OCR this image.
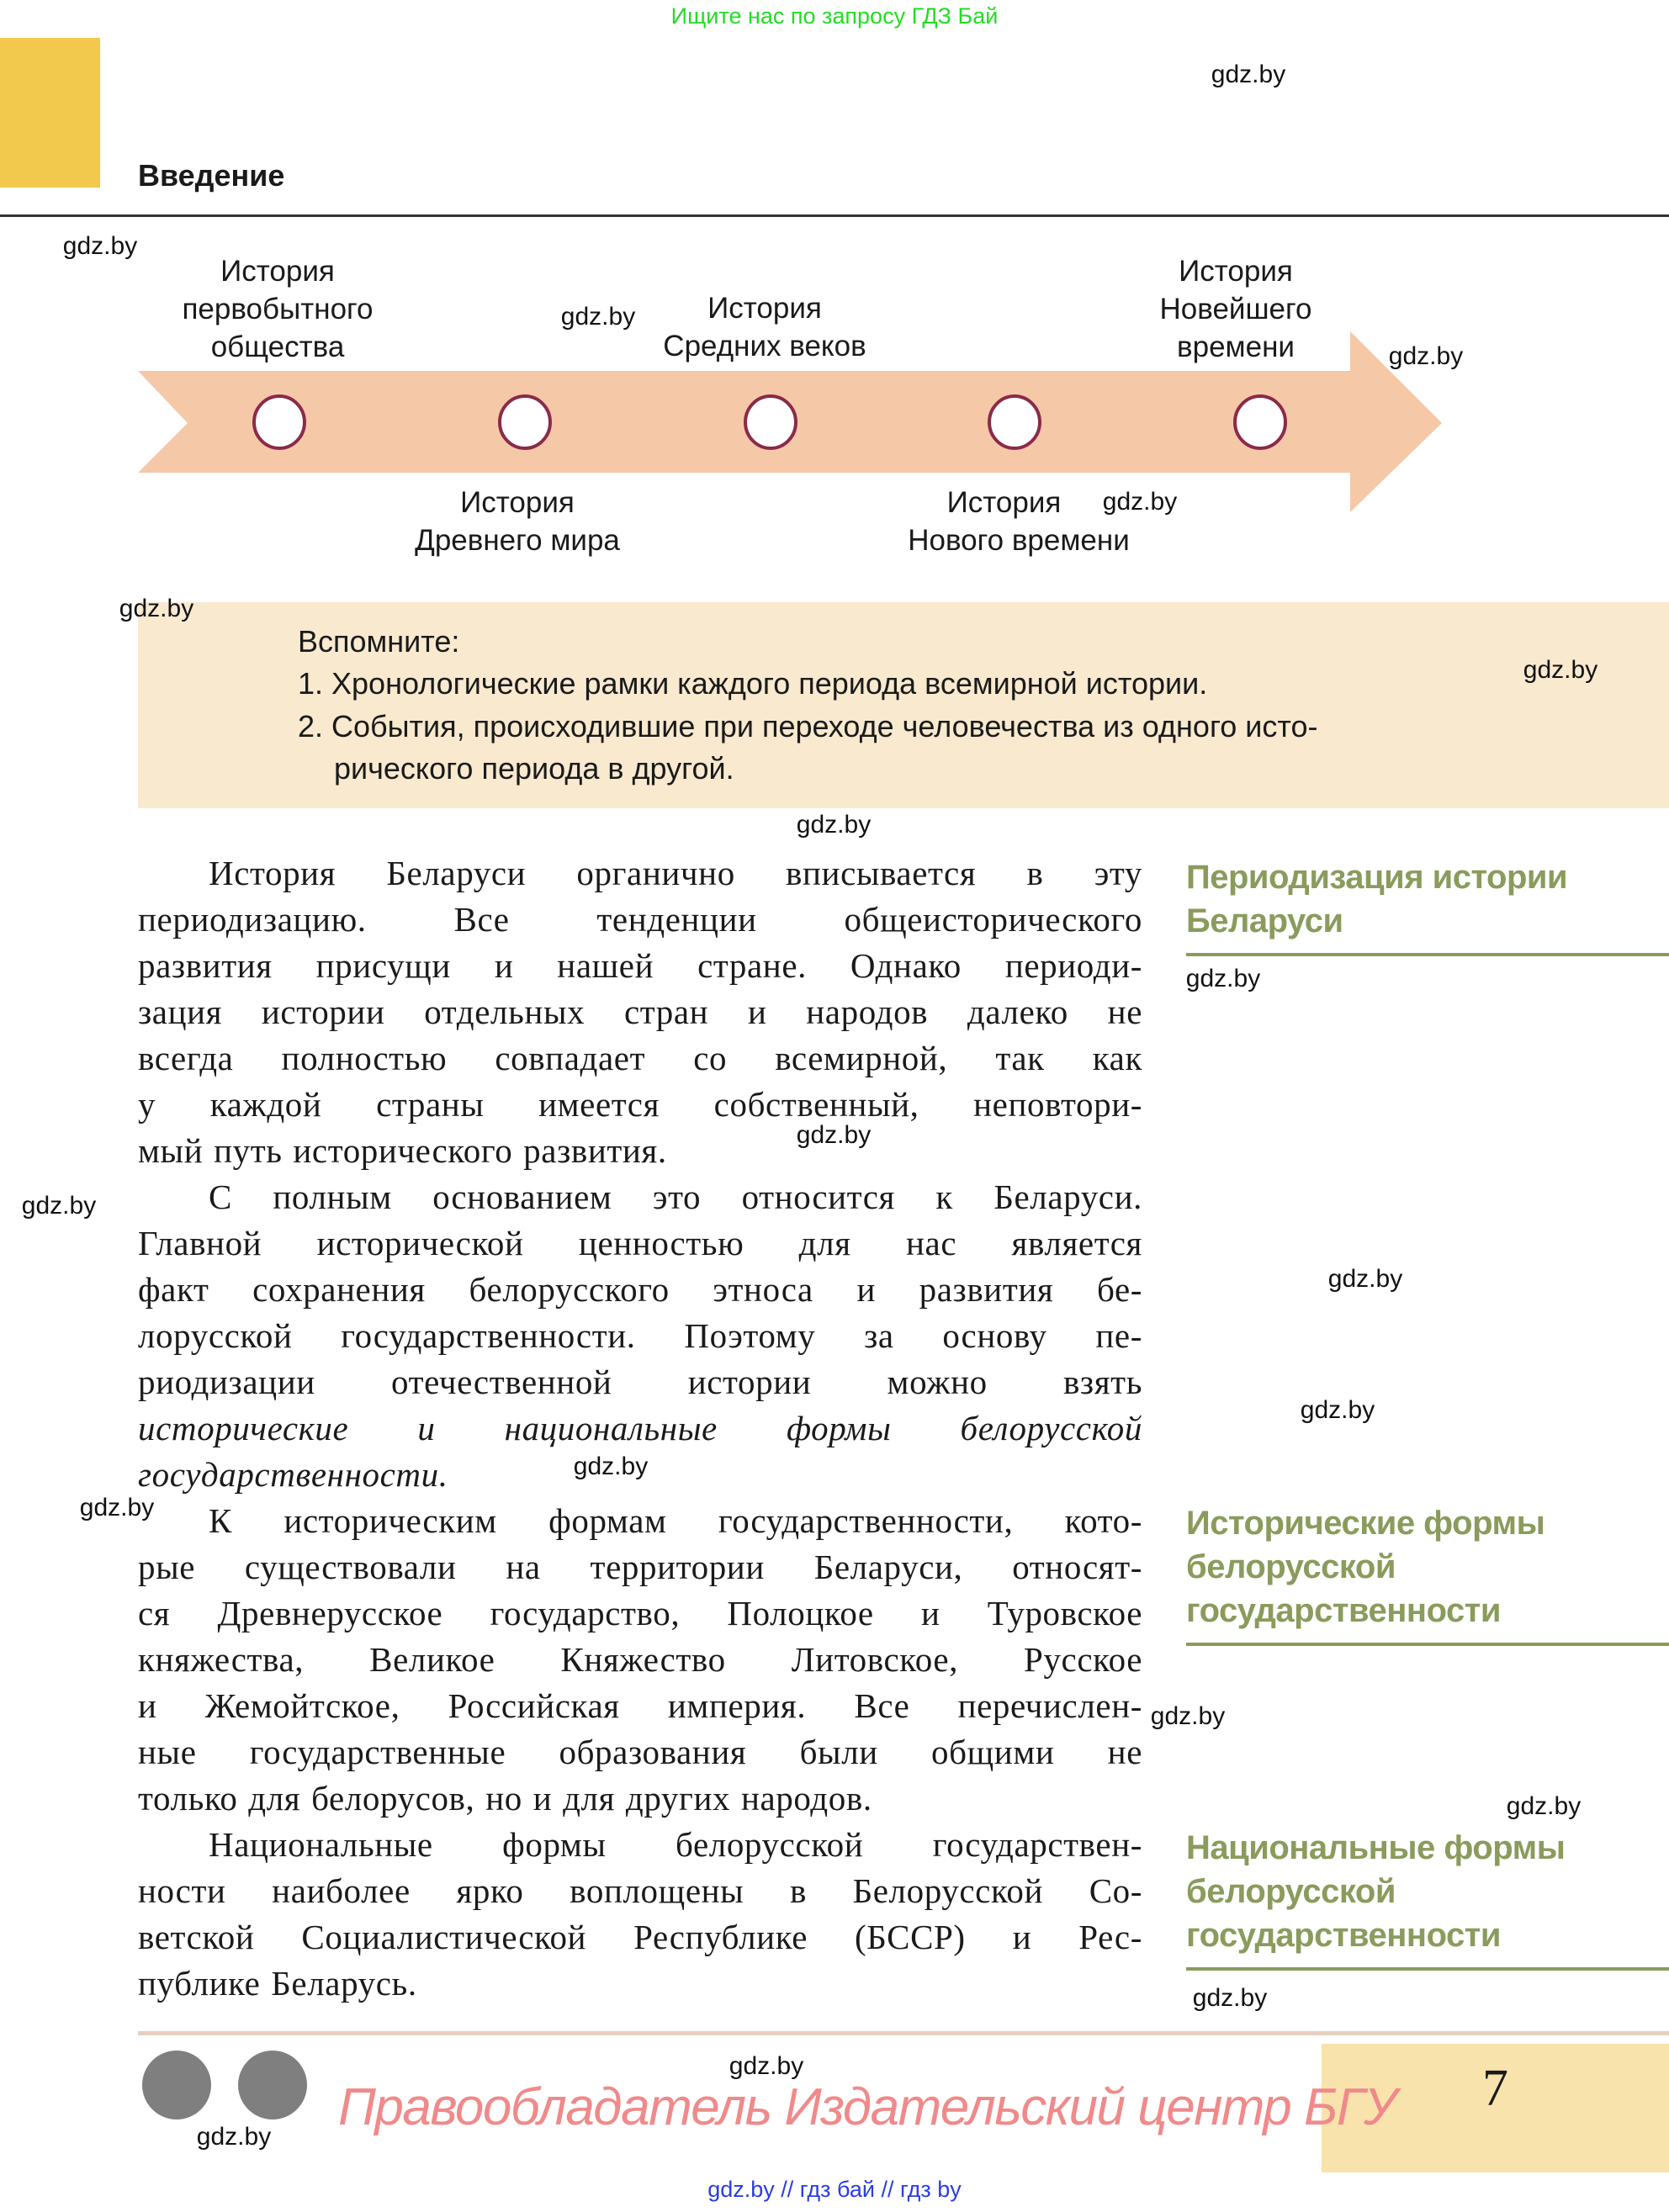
Ищите нас по запросу ГДЗ Бай
Введение
История
первобытного
общества
История
Средних веков
История
Новейшего
времени
История
Древнего мира
История
Нового времени
Вспомните:
1. Хронологические рамки каждого периода всемирной истории.
2. События, происходившие при переходе человечества из одного исто-
рического периода в другой.
История Беларуси органично вписывается в эту
периодизацию. Все тенденции общеисторического
развития присущи и нашей стране. Однако периоди-
зация истории отдельных стран и народов далеко не
всегда полностью совпадает со всемирной, так как
у каждой страны имеется собственный, неповтори-
мый путь исторического развития.
С полным основанием это относится к Беларуси.
Главной исторической ценностью для нас является
факт сохранения белорусского этноса и развития бе-
лорусской государственности. Поэтому за основу пе-
риодизации отечественной истории можно взять
исторические и национальные формы белорусской
государственности.
К историческим формам государственности, кото-
рые существовали на территории Беларуси, относят-
ся Древнерусское государство, Полоцкое и Туровское
княжества, Великое Княжество Литовское, Русское
и Жемойтское, Российская империя. Все перечислен-
ные государственные образования были общими не
только для белорусов, но и для других народов.
Национальные формы белорусской государствен-
ности наиболее ярко воплощены в Белорусской Со-
ветской Социалистической Республике (БССР) и Рес-
публике Беларусь.
Периодизация истории
Беларуси
Исторические формы
белорусской
государственности
Национальные формы
белорусской
государственности
7
Правообладатель Издательский центр БГУ
gdz.by // гдз бай // гдз by
gdz.by
gdz.by
gdz.by
gdz.by
gdz.by
gdz.by
gdz.by
gdz.by
gdz.by
gdz.by
gdz.by
gdz.by
gdz.by
gdz.by
gdz.by
gdz.by
gdz.by
gdz.by
gdz.by
gdz.by
